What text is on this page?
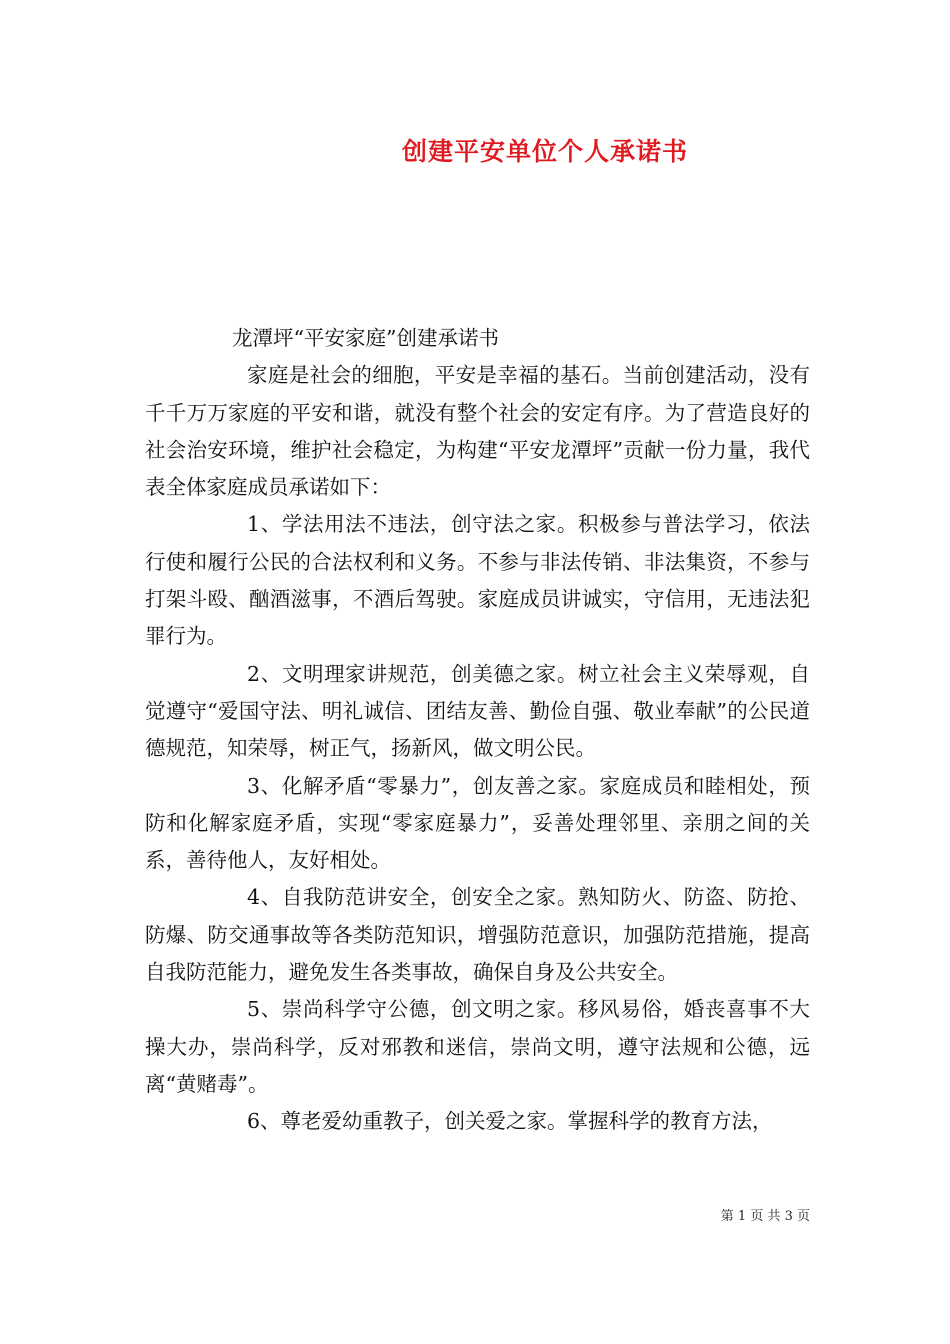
创建平安单位个人承诺书

龙潭坪“平安家庭”创建承诺书

家庭是社会的细胞，平安是幸福的基石。当前创建活动，没有千千万万家庭的平安和谐，就没有整个社会的安定有序。为了营造良好的社会治安环境，维护社会稳定，为构建“平安龙潭坪”贡献一份力量，我代表全体家庭成员承诺如下：

1、学法用法不违法，创守法之家。积极参与普法学习，依法行使和履行公民的合法权利和义务。不参与非法传销、非法集资，不参与打架斗殴、酗酒滋事，不酒后驾驶。家庭成员讲诚实，守信用，无违法犯罪行为。

2、文明理家讲规范，创美德之家。树立社会主义荣辱观，自觉遵守“爱国守法、明礼诚信、团结友善、勤俭自强、敬业奉献”的公民道德规范，知荣辱，树正气，扬新风，做文明公民。

3、化解矛盾“零暴力”，创友善之家。家庭成员和睦相处，预防和化解家庭矛盾，实现“零家庭暴力”，妥善处理邻里、亲朋之间的关系，善待他人，友好相处。

4、自我防范讲安全，创安全之家。熟知防火、防盗、防抢、防爆、防交通事故等各类防范知识，增强防范意识，加强防范措施，提高自我防范能力，避免发生各类事故，确保自身及公共安全。

5、崇尚科学守公德，创文明之家。移风易俗，婚丧喜事不大操大办，崇尚科学，反对邪教和迷信，崇尚文明，遵守法规和公德，远离“黄赌毒”。

6、尊老爱幼重教子，创关爱之家。掌握科学的教育方法，

第 1 页 共 3 页
